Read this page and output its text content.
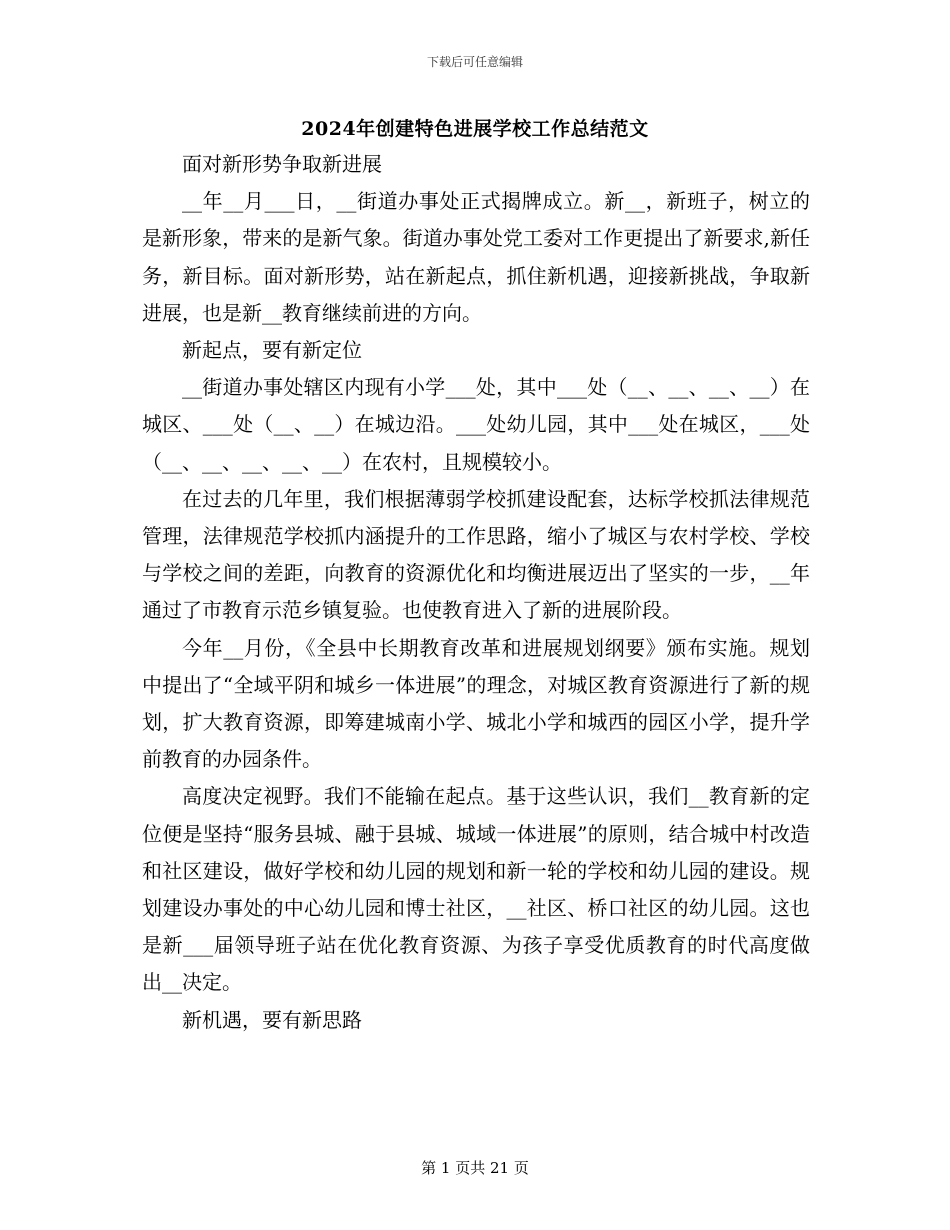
下载后可任意编辑
2024年创建特色进展学校工作总结范文

面对新形势争取新进展

__年__月___日，__街道办事处正式揭牌成立。新__，新班子，树立的是新形象，带来的是新气象。街道办事处党工委对工作更提出了新要求,新任务，新目标。面对新形势，站在新起点，抓住新机遇，迎接新挑战，争取新进展，也是新__教育继续前进的方向。

新起点，要有新定位

__街道办事处辖区内现有小学___处，其中___处（__、__、__、__）在城区、___处（__、__）在城边沿。___处幼儿园，其中___处在城区，___处（__、__、__、__、__）在农村，且规模较小。

在过去的几年里，我们根据薄弱学校抓建设配套，达标学校抓法律规范管理，法律规范学校抓内涵提升的工作思路，缩小了城区与农村学校、学校与学校之间的差距，向教育的资源优化和均衡进展迈出了坚实的一步，__年通过了市教育示范乡镇复验。也使教育进入了新的进展阶段。

今年__月份，《全县中长期教育改革和进展规划纲要》颁布实施。规划中提出了“全域平阴和城乡一体进展”的理念，对城区教育资源进行了新的规划，扩大教育资源，即筹建城南小学、城北小学和城西的园区小学，提升学前教育的办园条件。

高度决定视野。我们不能输在起点。基于这些认识，我们__教育新的定位便是坚持“服务县城、融于县城、城域一体进展”的原则，结合城中村改造和社区建设，做好学校和幼儿园的规划和新一轮的学校和幼儿园的建设。规划建设办事处的中心幼儿园和博士社区，__社区、桥口社区的幼儿园。这也是新___届领导班子站在优化教育资源、为孩子享受优质教育的时代高度做出__决定。

新机遇，要有新思路

第 1 页共 21 页
